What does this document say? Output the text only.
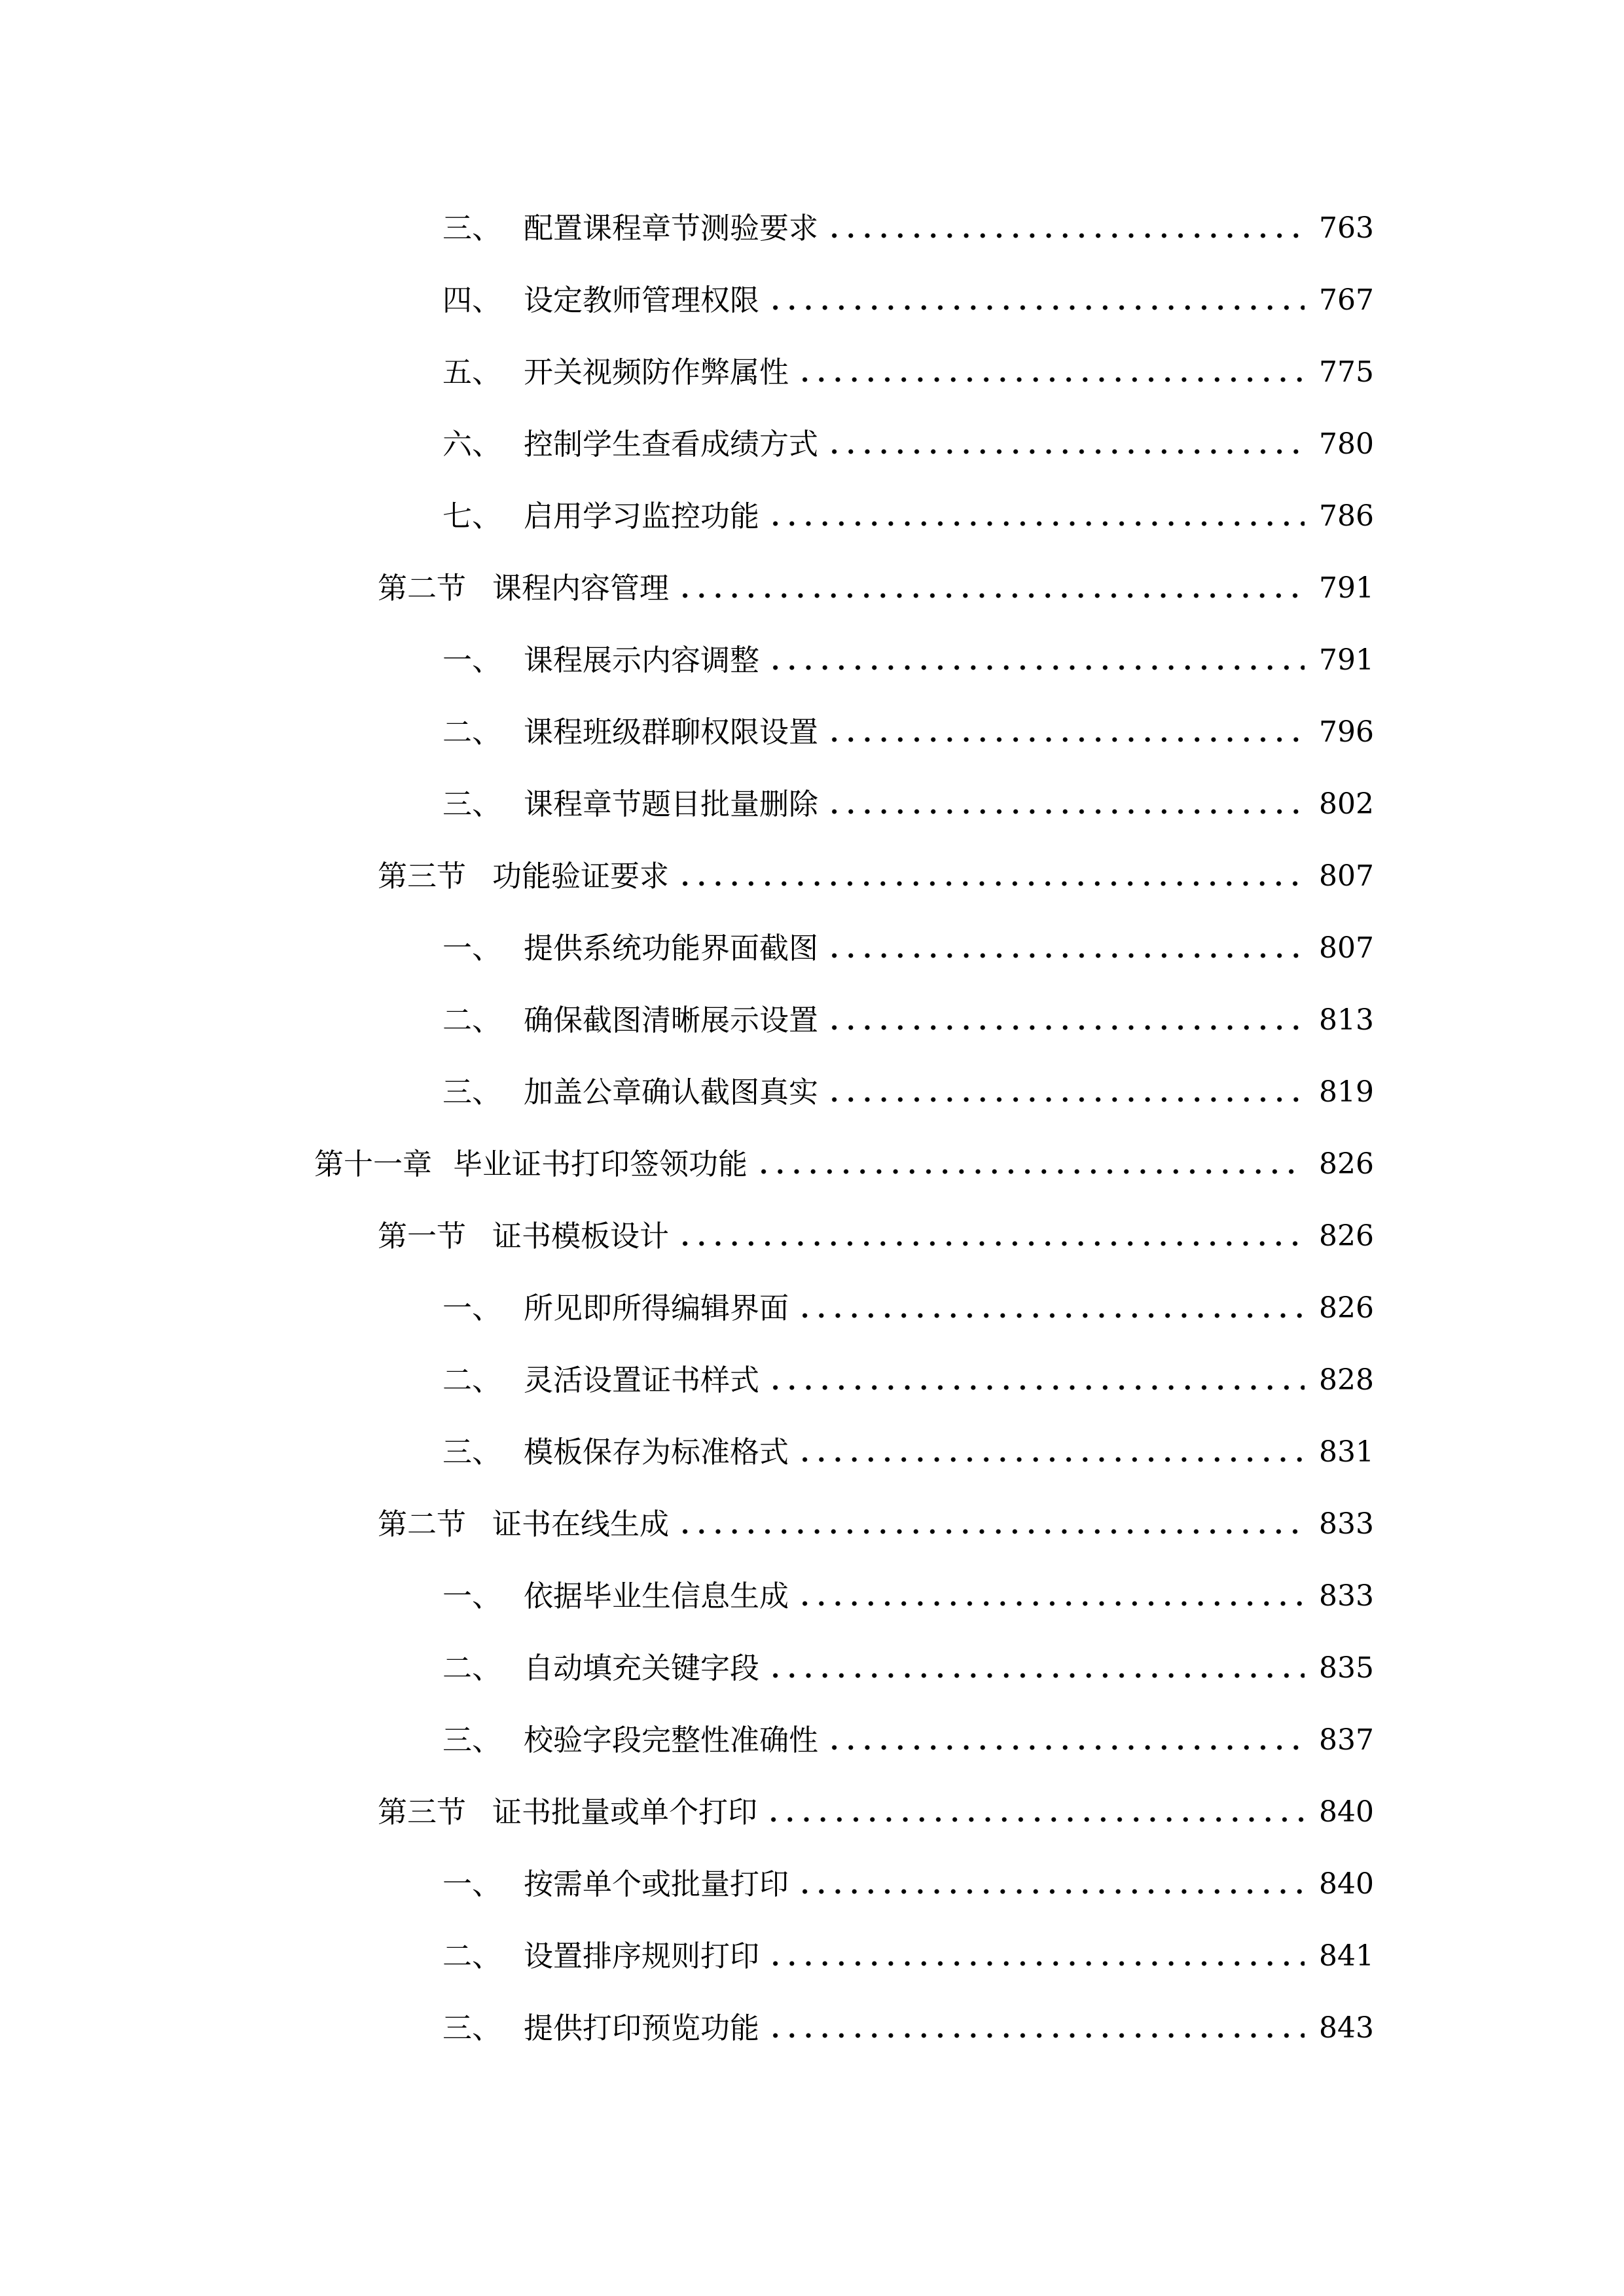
三、 配置课程章节测验要求	763
四、 设定教师管理权限	767
五、 开关视频防作弊属性	775
六、 控制学生查看成绩方式	780
七、 启用学习监控功能	786
第二节 课程内容管理	791
一、 课程展示内容调整	791
二、 课程班级群聊权限设置	796
三、 课程章节题目批量删除	802
第三节 功能验证要求	807
一、 提供系统功能界面截图	807
二、 确保截图清晰展示设置	813
三、 加盖公章确认截图真实	819
第十一章 毕业证书打印签领功能	826
第一节 证书模板设计	826
一、 所见即所得编辑界面	826
二、 灵活设置证书样式	828
三、 模板保存为标准格式	831
第二节 证书在线生成	833
一、 依据毕业生信息生成	833
二、 自动填充关键字段	835
三、 校验字段完整性准确性	837
第三节 证书批量或单个打印	840
一、 按需单个或批量打印	840
二、 设置排序规则打印	841
三、 提供打印预览功能	843
